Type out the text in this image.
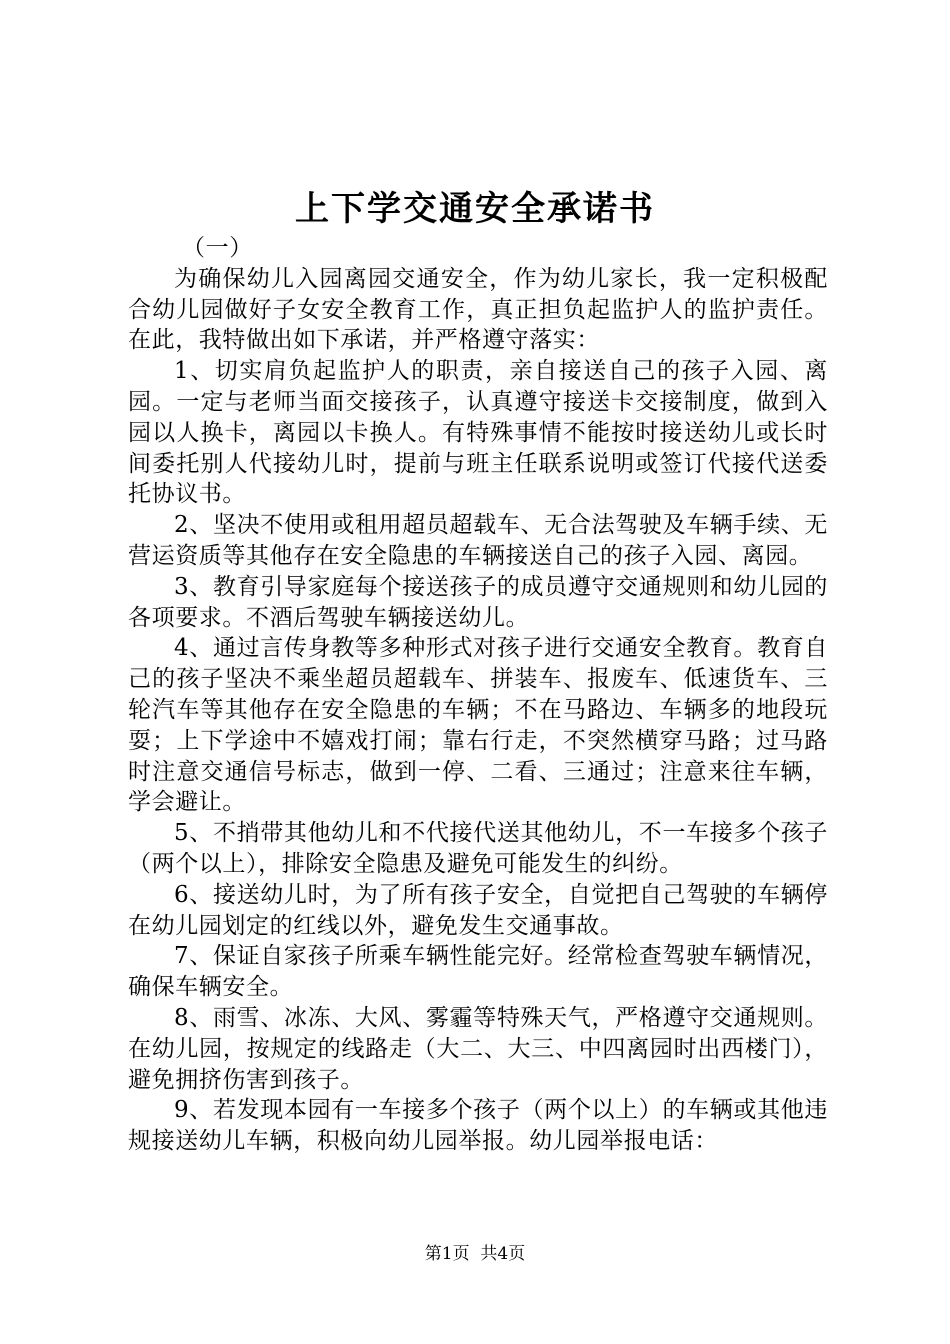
上下学交通安全承诺书

（一）

为确保幼儿入园离园交通安全，作为幼儿家长，我一定积极配合幼儿园做好子女安全教育工作，真正担负起监护人的监护责任。在此，我特做出如下承诺，并严格遵守落实：

1、切实肩负起监护人的职责，亲自接送自己的孩子入园、离园。一定与老师当面交接孩子，认真遵守接送卡交接制度，做到入园以人换卡，离园以卡换人。有特殊事情不能按时接送幼儿或长时间委托别人代接幼儿时，提前与班主任联系说明或签订代接代送委托协议书。

2、坚决不使用或租用超员超载车、无合法驾驶及车辆手续、无营运资质等其他存在安全隐患的车辆接送自己的孩子入园、离园。

3、教育引导家庭每个接送孩子的成员遵守交通规则和幼儿园的各项要求。不酒后驾驶车辆接送幼儿。

4、通过言传身教等多种形式对孩子进行交通安全教育。教育自己的孩子坚决不乘坐超员超载车、拼装车、报废车、低速货车、三轮汽车等其他存在安全隐患的车辆；不在马路边、车辆多的地段玩耍；上下学途中不嬉戏打闹；靠右行走，不突然横穿马路；过马路时注意交通信号标志，做到一停、二看、三通过；注意来往车辆，学会避让。

5、不捎带其他幼儿和不代接代送其他幼儿，不一车接多个孩子（两个以上），排除安全隐患及避免可能发生的纠纷。

6、接送幼儿时，为了所有孩子安全，自觉把自己驾驶的车辆停在幼儿园划定的红线以外，避免发生交通事故。

7、保证自家孩子所乘车辆性能完好。经常检查驾驶车辆情况，确保车辆安全。

8、雨雪、冰冻、大风、雾霾等特殊天气，严格遵守交通规则。在幼儿园，按规定的线路走（大二、大三、中四离园时出西楼门），避免拥挤伤害到孩子。

9、若发现本园有一车接多个孩子（两个以上）的车辆或其他违规接送幼儿车辆，积极向幼儿园举报。幼儿园举报电话：

第1页 共4页
